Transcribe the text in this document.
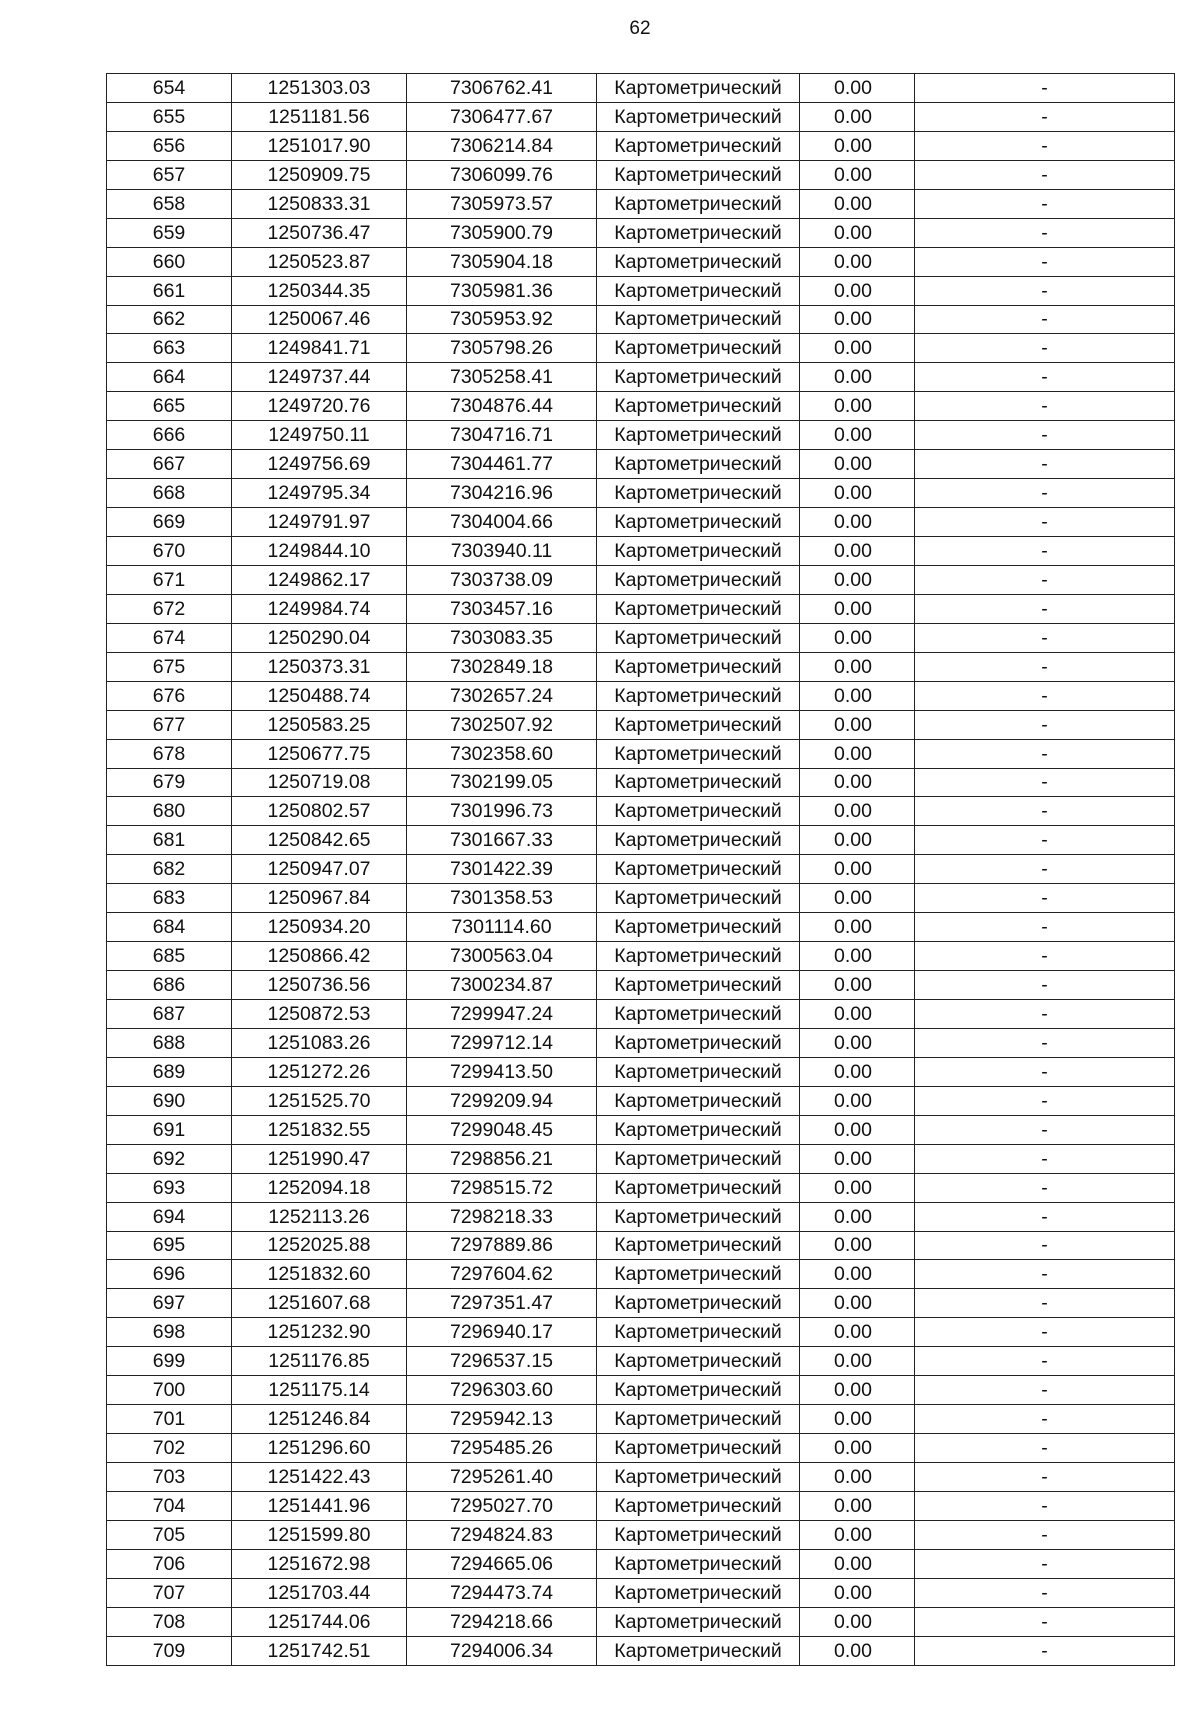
62
654	1251303.03	7306762.41	Картометрический	0.00	-
655	1251181.56	7306477.67	Картометрический	0.00	-
656	1251017.90	7306214.84	Картометрический	0.00	-
657	1250909.75	7306099.76	Картометрический	0.00	-
658	1250833.31	7305973.57	Картометрический	0.00	-
659	1250736.47	7305900.79	Картометрический	0.00	-
660	1250523.87	7305904.18	Картометрический	0.00	-
661	1250344.35	7305981.36	Картометрический	0.00	-
662	1250067.46	7305953.92	Картометрический	0.00	-
663	1249841.71	7305798.26	Картометрический	0.00	-
664	1249737.44	7305258.41	Картометрический	0.00	-
665	1249720.76	7304876.44	Картометрический	0.00	-
666	1249750.11	7304716.71	Картометрический	0.00	-
667	1249756.69	7304461.77	Картометрический	0.00	-
668	1249795.34	7304216.96	Картометрический	0.00	-
669	1249791.97	7304004.66	Картометрический	0.00	-
670	1249844.10	7303940.11	Картометрический	0.00	-
671	1249862.17	7303738.09	Картометрический	0.00	-
672	1249984.74	7303457.16	Картометрический	0.00	-
674	1250290.04	7303083.35	Картометрический	0.00	-
675	1250373.31	7302849.18	Картометрический	0.00	-
676	1250488.74	7302657.24	Картометрический	0.00	-
677	1250583.25	7302507.92	Картометрический	0.00	-
678	1250677.75	7302358.60	Картометрический	0.00	-
679	1250719.08	7302199.05	Картометрический	0.00	-
680	1250802.57	7301996.73	Картометрический	0.00	-
681	1250842.65	7301667.33	Картометрический	0.00	-
682	1250947.07	7301422.39	Картометрический	0.00	-
683	1250967.84	7301358.53	Картометрический	0.00	-
684	1250934.20	7301114.60	Картометрический	0.00	-
685	1250866.42	7300563.04	Картометрический	0.00	-
686	1250736.56	7300234.87	Картометрический	0.00	-
687	1250872.53	7299947.24	Картометрический	0.00	-
688	1251083.26	7299712.14	Картометрический	0.00	-
689	1251272.26	7299413.50	Картометрический	0.00	-
690	1251525.70	7299209.94	Картометрический	0.00	-
691	1251832.55	7299048.45	Картометрический	0.00	-
692	1251990.47	7298856.21	Картометрический	0.00	-
693	1252094.18	7298515.72	Картометрический	0.00	-
694	1252113.26	7298218.33	Картометрический	0.00	-
695	1252025.88	7297889.86	Картометрический	0.00	-
696	1251832.60	7297604.62	Картометрический	0.00	-
697	1251607.68	7297351.47	Картометрический	0.00	-
698	1251232.90	7296940.17	Картометрический	0.00	-
699	1251176.85	7296537.15	Картометрический	0.00	-
700	1251175.14	7296303.60	Картометрический	0.00	-
701	1251246.84	7295942.13	Картометрический	0.00	-
702	1251296.60	7295485.26	Картометрический	0.00	-
703	1251422.43	7295261.40	Картометрический	0.00	-
704	1251441.96	7295027.70	Картометрический	0.00	-
705	1251599.80	7294824.83	Картометрический	0.00	-
706	1251672.98	7294665.06	Картометрический	0.00	-
707	1251703.44	7294473.74	Картометрический	0.00	-
708	1251744.06	7294218.66	Картометрический	0.00	-
709	1251742.51	7294006.34	Картометрический	0.00	-
